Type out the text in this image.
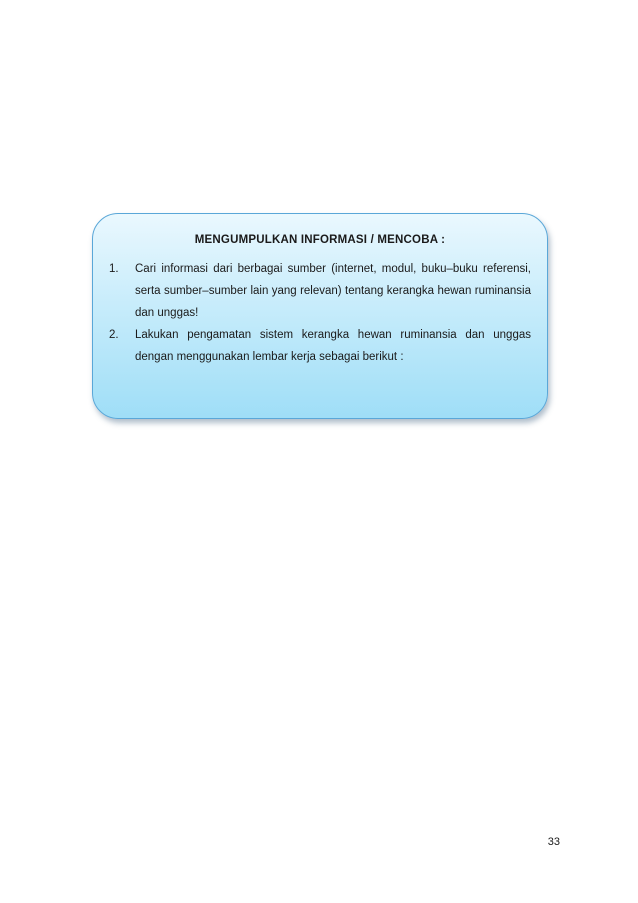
MENGUMPULKAN INFORMASI / MENCOBA :

1. Cari informasi dari berbagai sumber (internet, modul, buku–buku referensi, serta sumber–sumber lain yang relevan) tentang kerangka hewan ruminansia dan unggas!
2. Lakukan pengamatan sistem kerangka hewan ruminansia dan unggas dengan menggunakan lembar kerja sebagai berikut :

33
